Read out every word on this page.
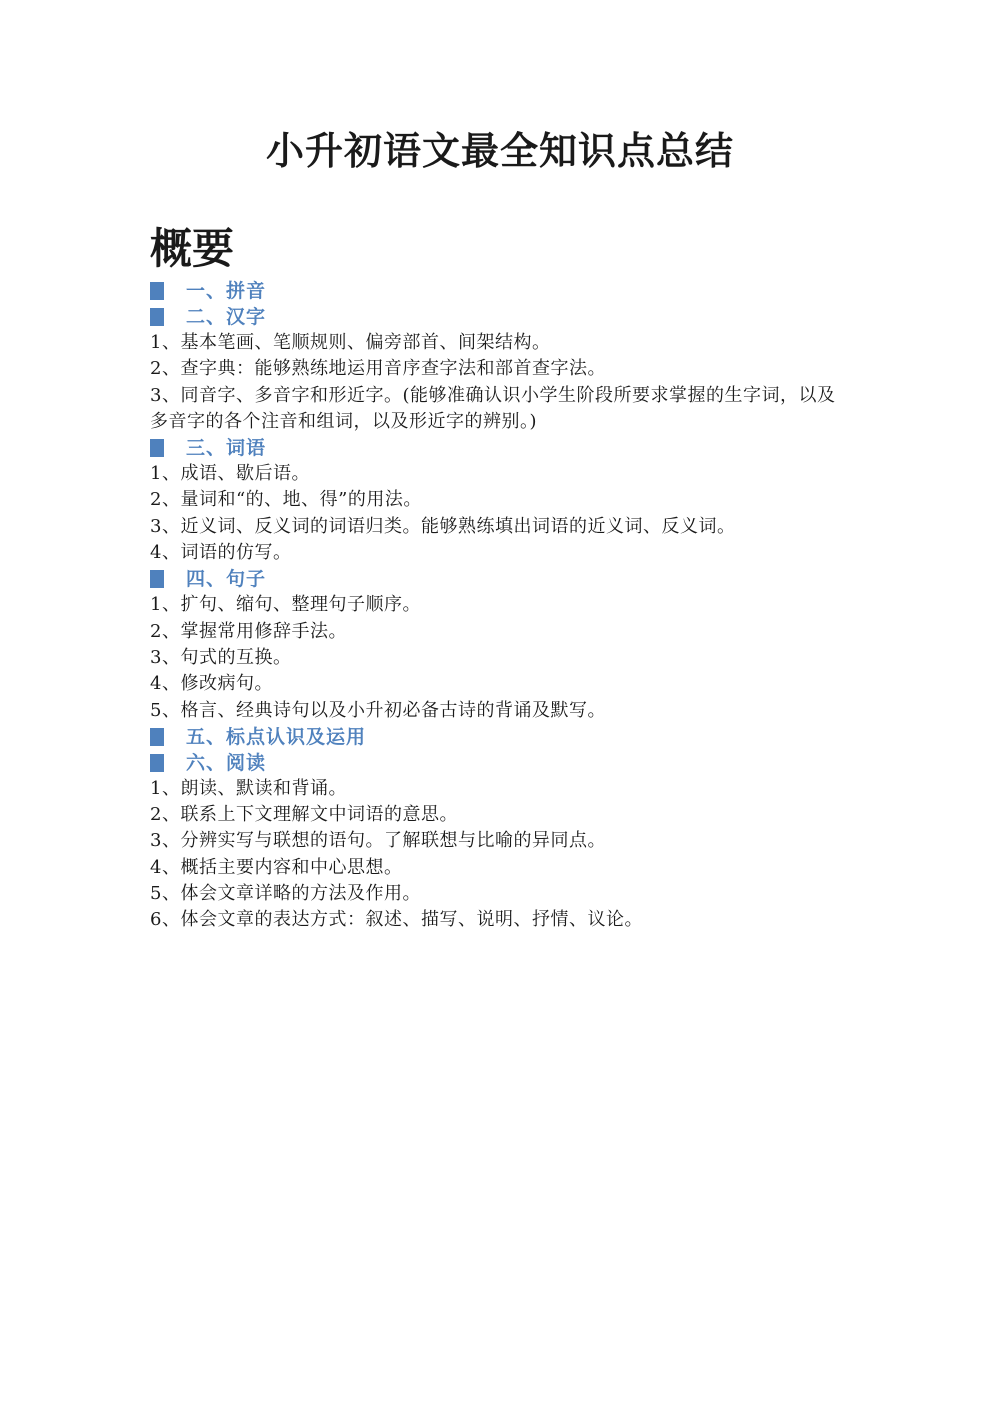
小升初语文最全知识点总结
概要
一、拼音
二、汉字

1、基本笔画、笔顺规则、偏旁部首、间架结构。

2、查字典：能够熟练地运用音序查字法和部首查字法。

3、同音字、多音字和形近字。(能够准确认识小学生阶段所要求掌握的生字词，以及多音字的各个注音和组词，以及形近字的辨别。)

三、词语

1、成语、歇后语。

2、量词和“的、地、得”的用法。

3、近义词、反义词的词语归类。能够熟练填出词语的近义词、反义词。

4、词语的仿写。

四、句子

1、扩句、缩句、整理句子顺序。

2、掌握常用修辞手法。

3、句式的互换。

4、修改病句。

5、格言、经典诗句以及小升初必备古诗的背诵及默写。

五、标点认识及运用
六、阅读

1、朗读、默读和背诵。

2、联系上下文理解文中词语的意思。

3、分辨实写与联想的语句。了解联想与比喻的异同点。

4、概括主要内容和中心思想。

5、体会文章详略的方法及作用。

6、体会文章的表达方式：叙述、描写、说明、抒情、议论。
